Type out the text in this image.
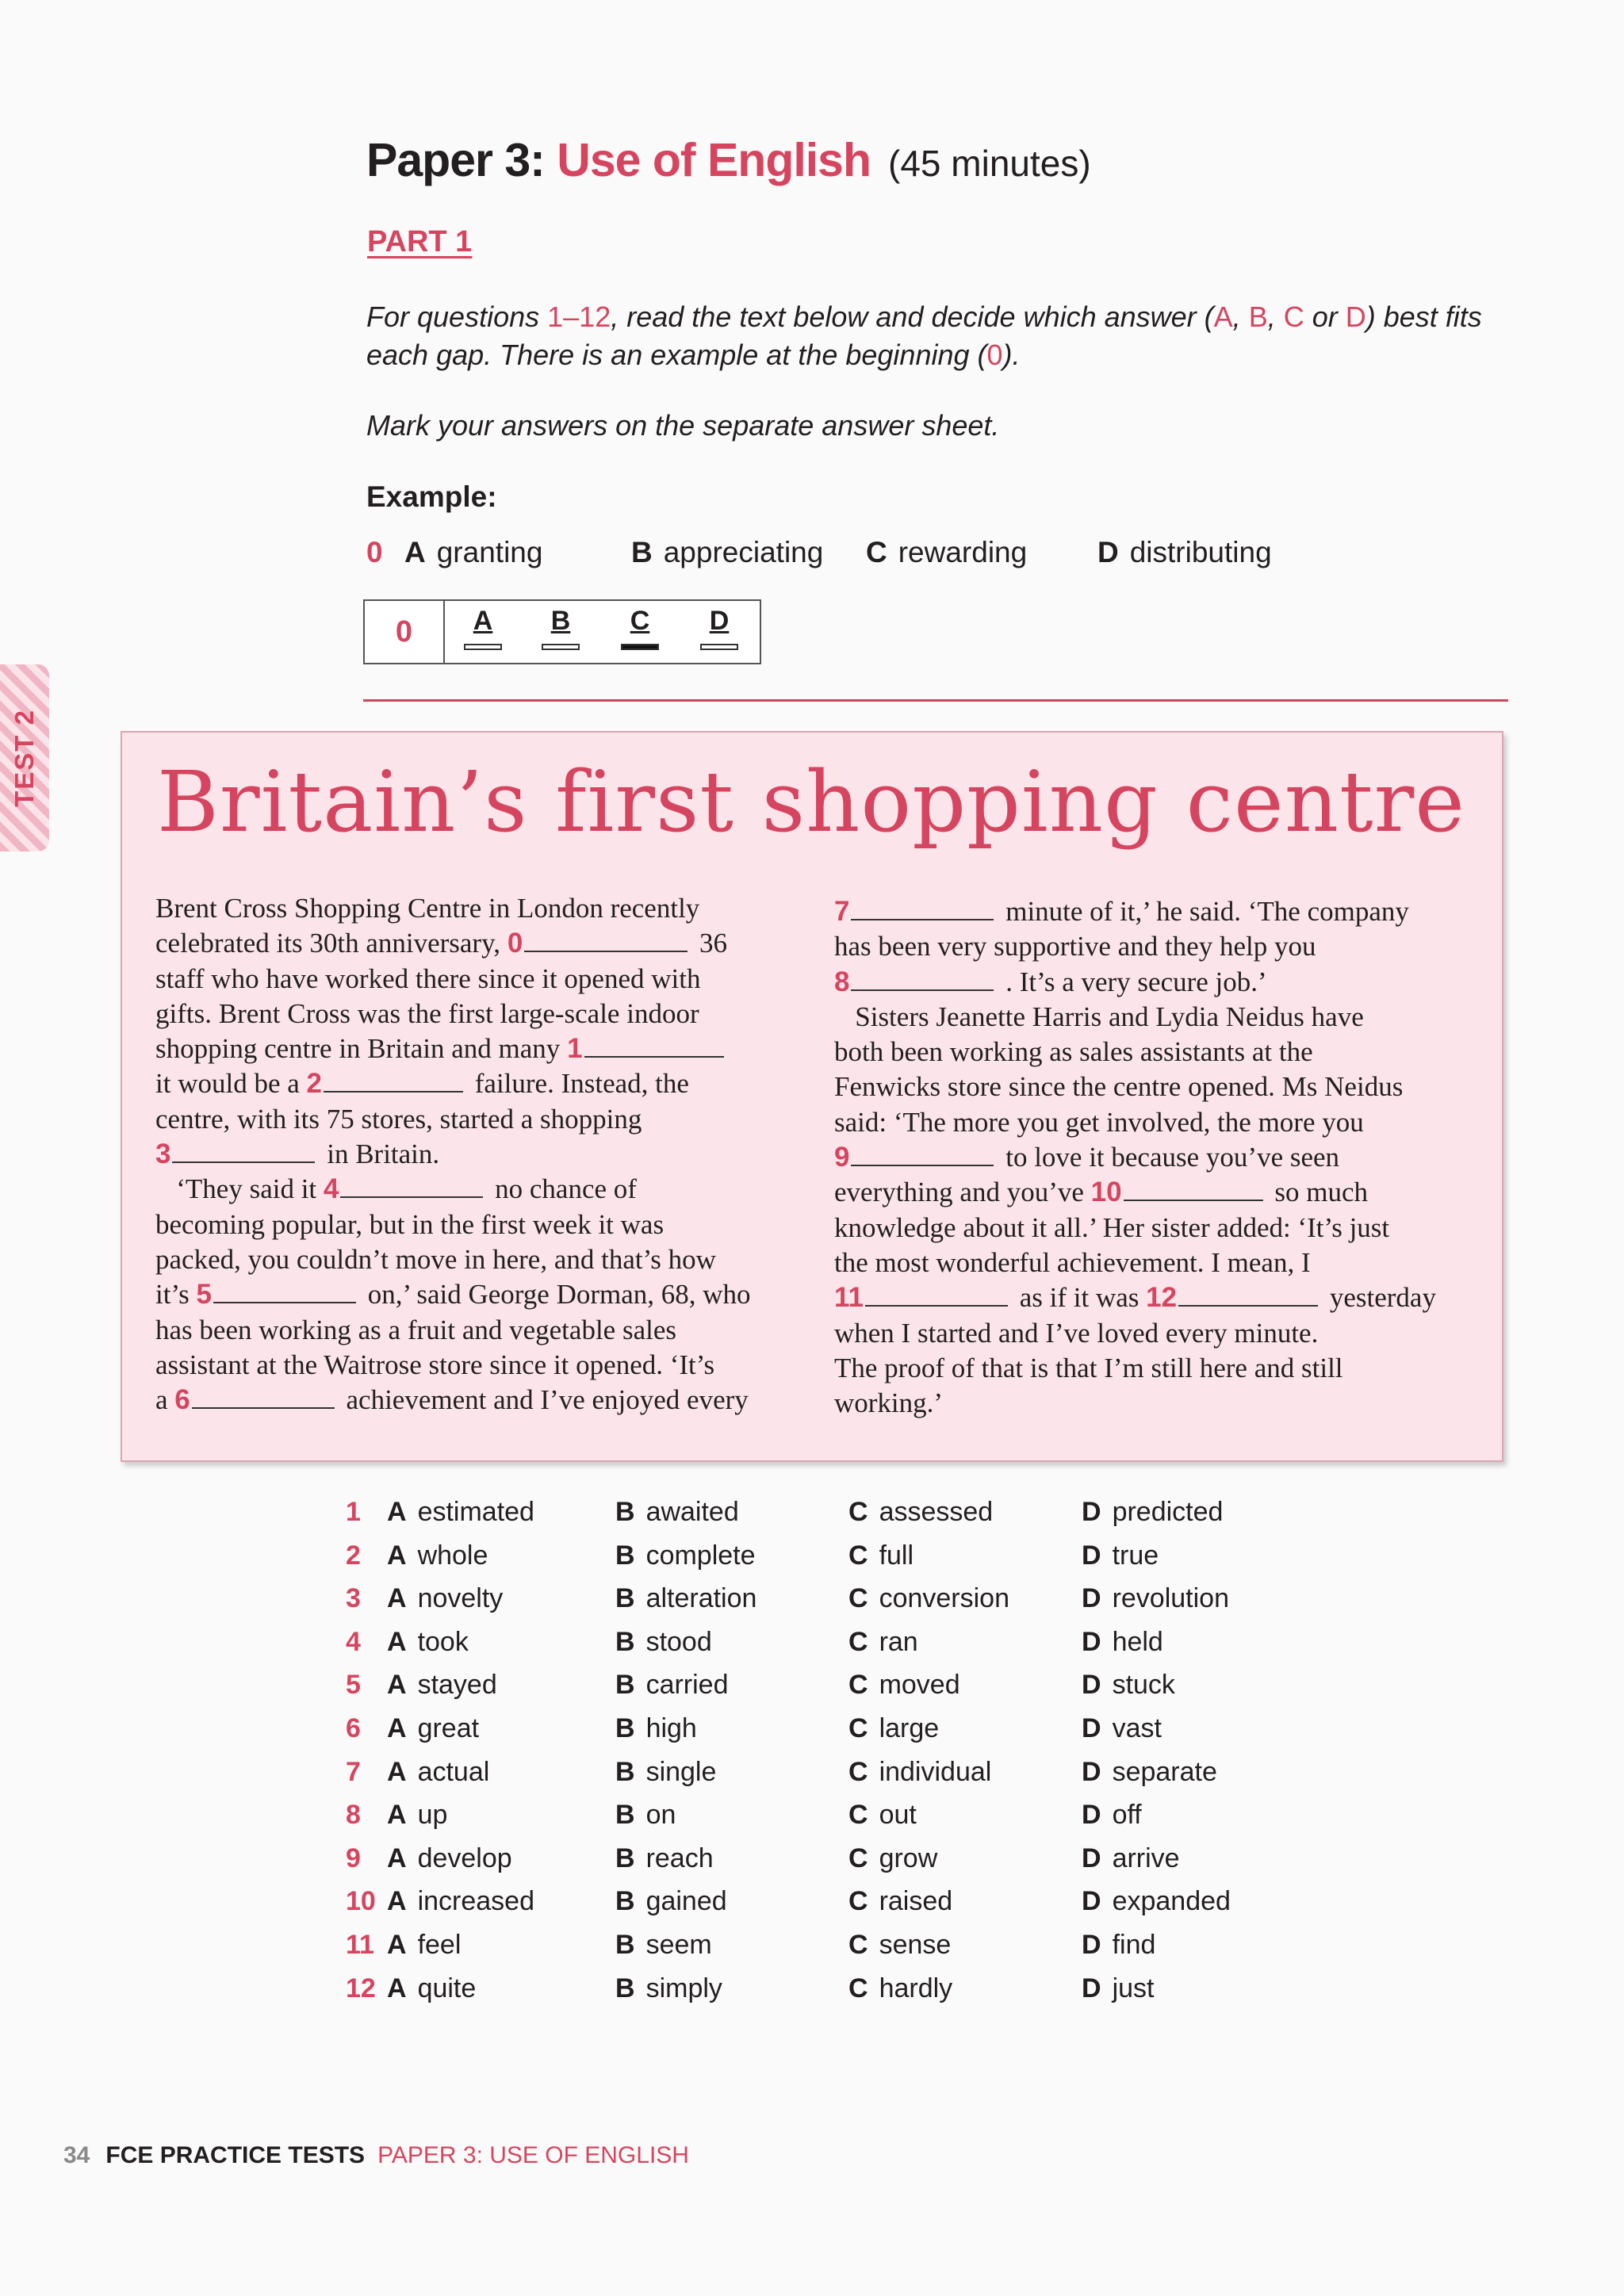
Paper 3: Use of English (45 minutes)
PART 1
For questions 1–12, read the text below and decide which answer (A, B, C or D) best fits each gap. There is an example at the beginning (0).
Mark your answers on the separate answer sheet.
Example:
0 A granting	B appreciating C rewarding D distributing
0	A	B	C	D
TEST 2 Britain’s first shopping centre
Brent Cross Shopping Centre in London recently
celebrated its 30th anniversary, 0	36
staff who have worked there since it opened with
gifts. Brent Cross was the first large-scale indoor
shopping centre in Britain and many 1
it would be a 2	failure. Instead, the
centre, with its 75 stores, started a shopping
3	in Britain.
‘They said it 4	no chance of
becoming popular, but in the first week it was
packed, you couldn’t move in here, and that’s how
it’s 5	on,’ said George Dorman, 68, who
has been working as a fruit and vegetable sales
assistant at the Waitrose store since it opened. ‘It’s
a 6	achievement and I’ve enjoyed every
7	minute of it,’ he said. ‘The company
has been very supportive and they help you
8	. It’s a very secure job.’
Sisters Jeanette Harris and Lydia Neidus have
both been working as sales assistants at the
Fenwicks store since the centre opened. Ms Neidus
said: ‘The more you get involved, the more you
9	to love it because you’ve seen
everything and you’ve 10	so much
knowledge about it all.’ Her sister added: ‘It’s just
the most wonderful achievement. I mean, I
11	as if it was 12	yesterday
when I started and I’ve loved every minute.
The proof of that is that I’m still here and still
working.’
1 A estimated	B awaited	C assessed	D predicted
2 A whole	B complete	C full	D true
3 A novelty	B alteration	C conversion	D revolution
4 A took	B stood	C ran	D held
5 A stayed	B carried	C moved	D stuck
6 A great	B high	C large	D vast
7 A actual	B single	C individual	D separate
8 A up	B on	C out	D off
9 A develop	B reach	C grow	D arrive
10 A increased	B gained	C raised	D expanded
11 A feel	B seem	C sense	D find
12 A quite	B simply	C hardly	D just
34 FCE PRACTICE TESTS PAPER 3: USE OF ENGLISH
